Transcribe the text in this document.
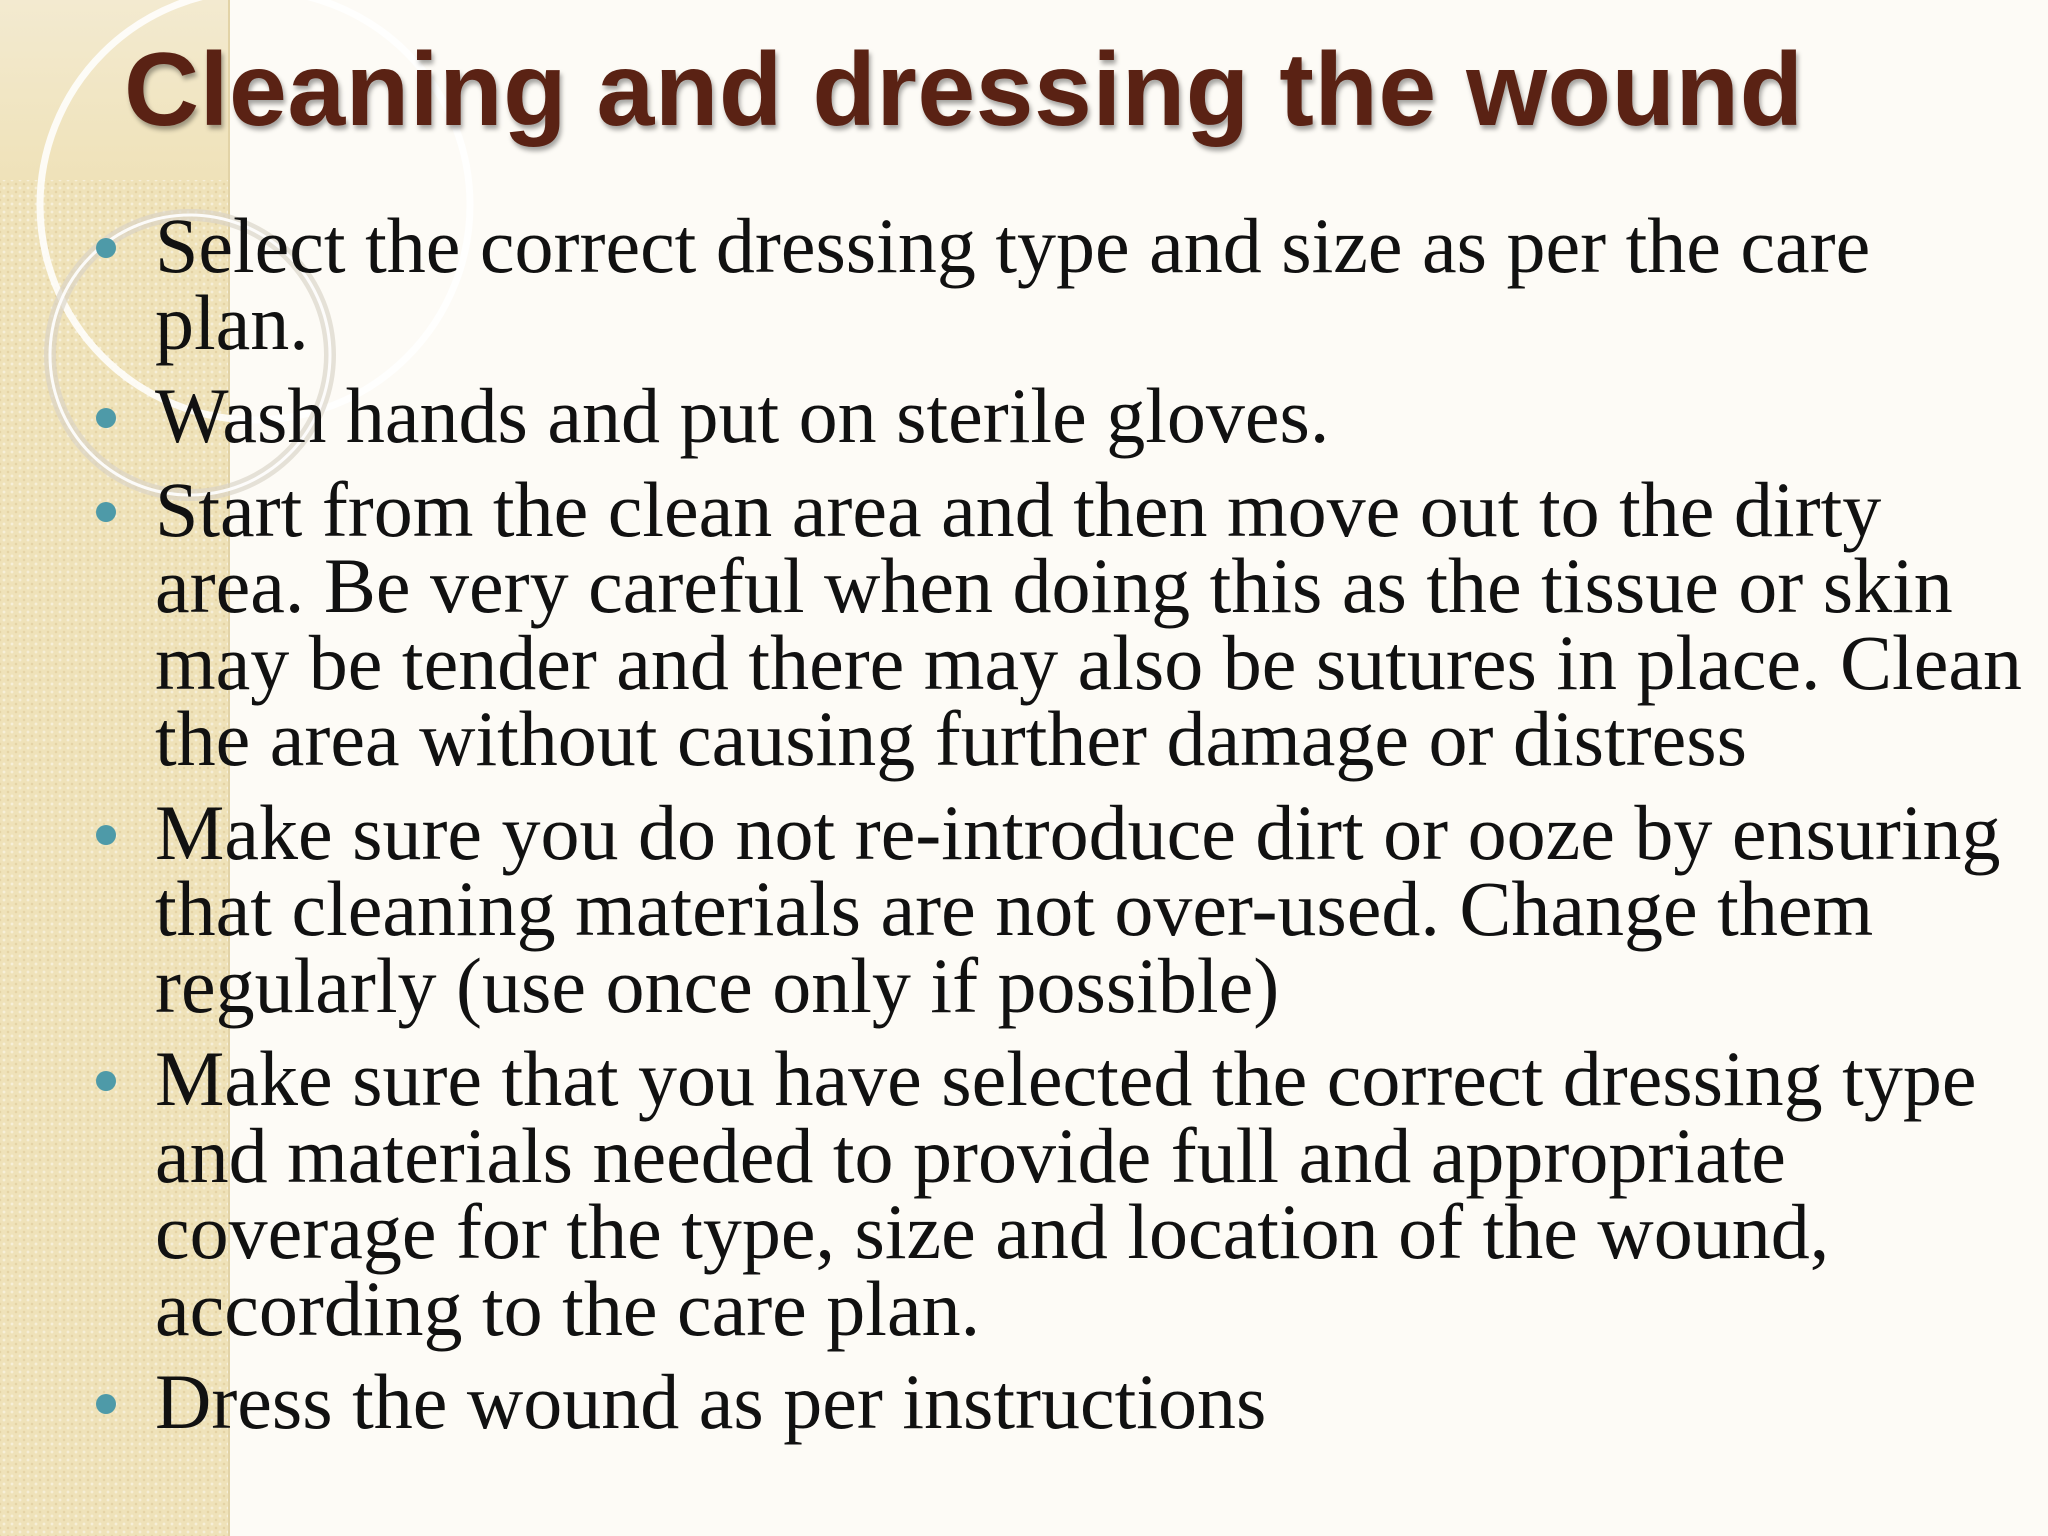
Cleaning and dressing the wound
Select the correct dressing type and size as per the care plan.
Wash hands and put on sterile gloves.
Start from the clean area and then move out to the dirty area. Be very careful when doing this as the tissue or skin may be tender and there may also be sutures in place. Clean the area without causing further damage or distress
Make sure you do not re-introduce dirt or ooze by ensuring that cleaning materials are not over-used. Change them regularly (use once only if possible)
Make sure that you have selected the correct dressing type and materials needed to provide full and appropriate coverage for the type, size and location of the wound, according to the care plan.
Dress the wound as per instructions
